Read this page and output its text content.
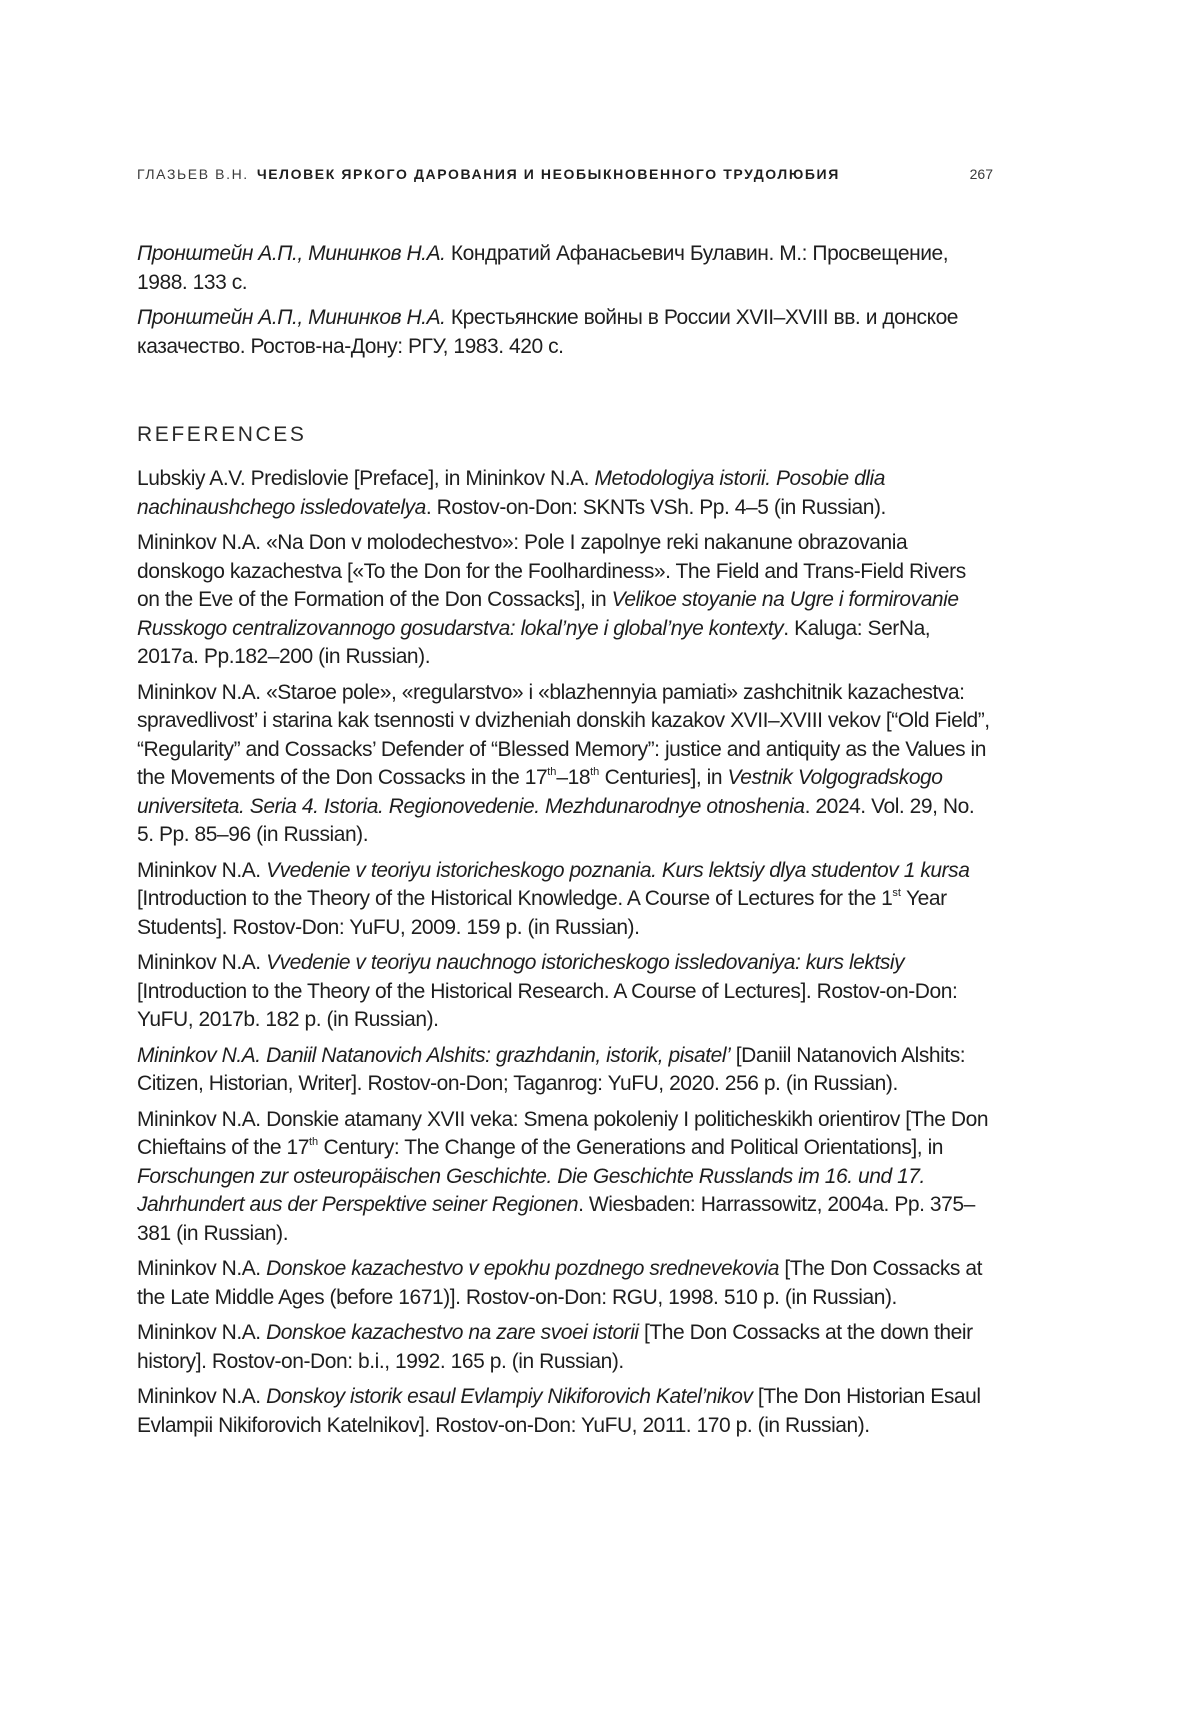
ГЛАЗЬЕВ В.Н. ЧЕЛОВЕК ЯРКОГО ДАРОВАНИЯ И НЕОБЫКНОВЕННОГО ТРУДОЛЮБИЯ	267

Пронштейн А.П., Мининков Н.А. Кондратий Афанасьевич Булавин. М.: Просвещение, 1988. 133 с.

Пронштейн А.П., Мининков Н.А. Крестьянские войны в России XVII–XVIII вв. и донское казачество. Ростов-на-Дону: РГУ, 1983. 420 с.

REFERENCES

Lubskiy A.V. Predislovie [Preface], in Mininkov N.A. Metodologiya istorii. Posobie dlia nachinaushchego issledovatelya. Rostov-on-Don: SKNTs VSh. Pp. 4–5 (in Russian).

Mininkov N.A. «Na Don v molodechestvo»: Pole I zapolnye reki nakanune obrazovania donskogo kazachestva [«To the Don for the Foolhardiness». The Field and Trans-Field Rivers on the Eve of the Formation of the Don Cossacks], in Velikoe stoyanie na Ugre i formirovanie Russkogo centralizovannogo gosudarstva: lokal’nye i global’nye kontexty. Kaluga: SerNa, 2017a. Pp.182–200 (in Russian).

Mininkov N.A. «Staroe pole», «regularstvo» i «blazhennyia pamiati» zashchitnik kazachestva: spravedlivost’ i starina kak tsennosti v dvizheniah donskih kazakov XVII–XVIII vekov [“Old Field”, “Regularity” and Cossacks’ Defender of “Blessed Memory”: justice and antiquity as the Values in the Movements of the Don Cossacks in the 17th–18th Centuries], in Vestnik Volgogradskogo universiteta. Seria 4. Istoria. Regionovedenie. Mezhdunarodnye otnoshenia. 2024. Vol. 29, No. 5. Pp. 85–96 (in Russian).

Mininkov N.A. Vvedenie v teoriyu istoricheskogo poznania. Kurs lektsiy dlya studentov 1 kursa [Introduction to the Theory of the Historical Knowledge. A Course of Lectures for the 1st Year Students]. Rostov-Don: YuFU, 2009. 159 p. (in Russian).

Mininkov N.A. Vvedenie v teoriyu nauchnogo istoricheskogo issledovaniya: kurs lektsiy [Introduction to the Theory of the Historical Research. A Course of Lectures]. Rostov-on-Don: YuFU, 2017b. 182 p. (in Russian).

Mininkov N.A. Daniil Natanovich Alshits: grazhdanin, istorik, pisatel’ [Daniil Natanovich Alshits: Citizen, Historian, Writer]. Rostov-on-Don; Taganrog: YuFU, 2020. 256 p. (in Russian).

Mininkov N.A. Donskie atamany XVII veka: Smena pokoleniy I politicheskikh orientirov [The Don Chieftains of the 17th Century: The Change of the Generations and Political Orientations], in Forschungen zur osteuropäischen Geschichte. Die Geschichte Russlands im 16. und 17. Jahrhundert aus der Perspektive seiner Regionen. Wiesbaden: Harrassowitz, 2004a. Pp. 375–381 (in Russian).

Mininkov N.A. Donskoe kazachestvo v epokhu pozdnego srednevekovia [The Don Cossacks at the Late Middle Ages (before 1671)]. Rostov-on-Don: RGU, 1998. 510 p. (in Russian).

Mininkov N.A. Donskoe kazachestvo na zare svoei istorii [The Don Cossacks at the down their history]. Rostov-on-Don: b.i., 1992. 165 p. (in Russian).

Mininkov N.A. Donskoy istorik esaul Evlampiy Nikiforovich Katel’nikov [The Don Historian Esaul Evlampii Nikiforovich Katelnikov]. Rostov-on-Don: YuFU, 2011. 170 p. (in Russian).
